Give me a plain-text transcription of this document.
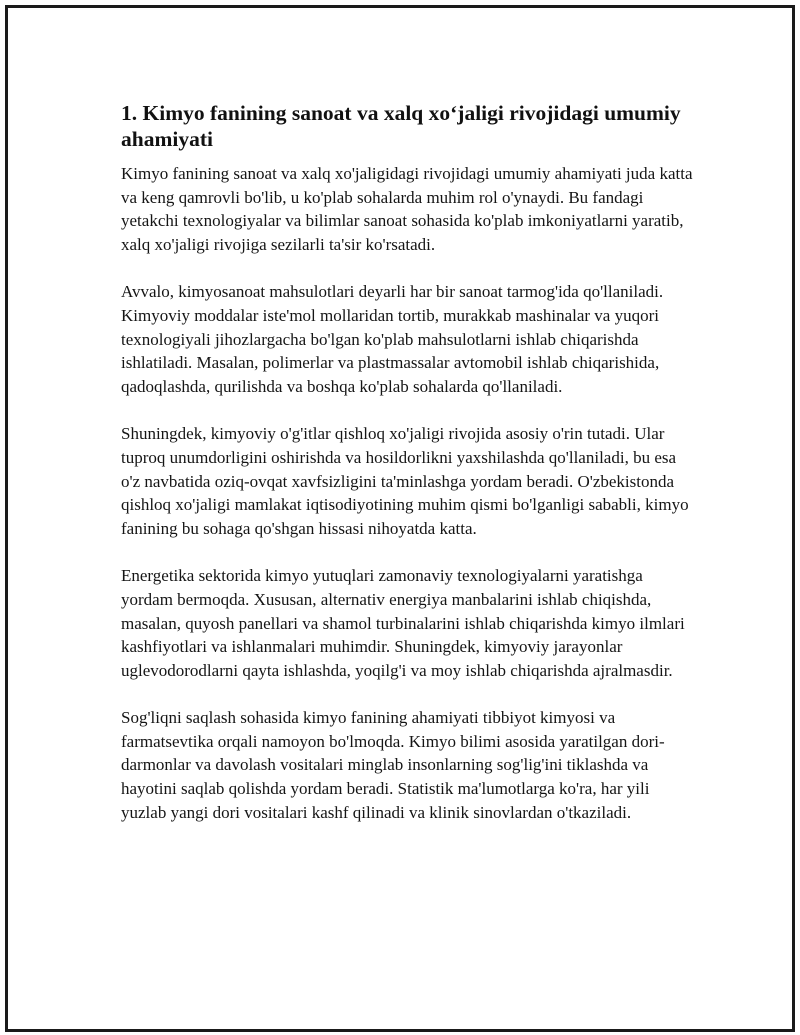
1. Kimyo fanining sanoat va xalq xo‘jaligi rivojidagi umumiy ahamiyati

Kimyo fanining sanoat va xalq xo'jaligidagi rivojidagi umumiy ahamiyati juda katta va keng qamrovli bo'lib, u ko'plab sohalarda muhim rol o'ynaydi. Bu fandagi yetakchi texnologiyalar va bilimlar sanoat sohasida ko'plab imkoniyatlarni yaratib, xalq xo'jaligi rivojiga sezilarli ta'sir ko'rsatadi.

Avvalo, kimyosanoat mahsulotlari deyarli har bir sanoat tarmog'ida qo'llaniladi. Kimyoviy moddalar iste'mol mollaridan tortib, murakkab mashinalar va yuqori texnologiyali jihozlargacha bo'lgan ko'plab mahsulotlarni ishlab chiqarishda ishlatiladi. Masalan, polimerlar va plastmassalar avtomobil ishlab chiqarishida, qadoqlashda, qurilishda va boshqa ko'plab sohalarda qo'llaniladi.

Shuningdek, kimyoviy o'g'itlar qishloq xo'jaligi rivojida asosiy o'rin tutadi. Ular tuproq unumdorligini oshirishda va hosildorlikni yaxshilashda qo'llaniladi, bu esa o'z navbatida oziq-ovqat xavfsizligini ta'minlashga yordam beradi. O'zbekistonda qishloq xo'jaligi mamlakat iqtisodiyotining muhim qismi bo'lganligi sababli, kimyo fanining bu sohaga qo'shgan hissasi nihoyatda katta.

Energetika sektorida kimyo yutuqlari zamonaviy texnologiyalarni yaratishga yordam bermoqda. Xususan, alternativ energiya manbalarini ishlab chiqishda, masalan, quyosh panellari va shamol turbinalarini ishlab chiqarishda kimyo ilmlari kashfiyotlari va ishlanmalari muhimdir. Shuningdek, kimyoviy jarayonlar uglevodorodlarni qayta ishlashda, yoqilg'i va moy ishlab chiqarishda ajralmasdir.

Sog'liqni saqlash sohasida kimyo fanining ahamiyati tibbiyot kimyosi va farmatsevtika orqali namoyon bo'lmoqda. Kimyo bilimi asosida yaratilgan dori-darmonlar va davolash vositalari minglab insonlarning sog'lig'ini tiklashda va hayotini saqlab qolishda yordam beradi. Statistik ma'lumotlarga ko'ra, har yili yuzlab yangi dori vositalari kashf qilinadi va klinik sinovlardan o'tkaziladi.
